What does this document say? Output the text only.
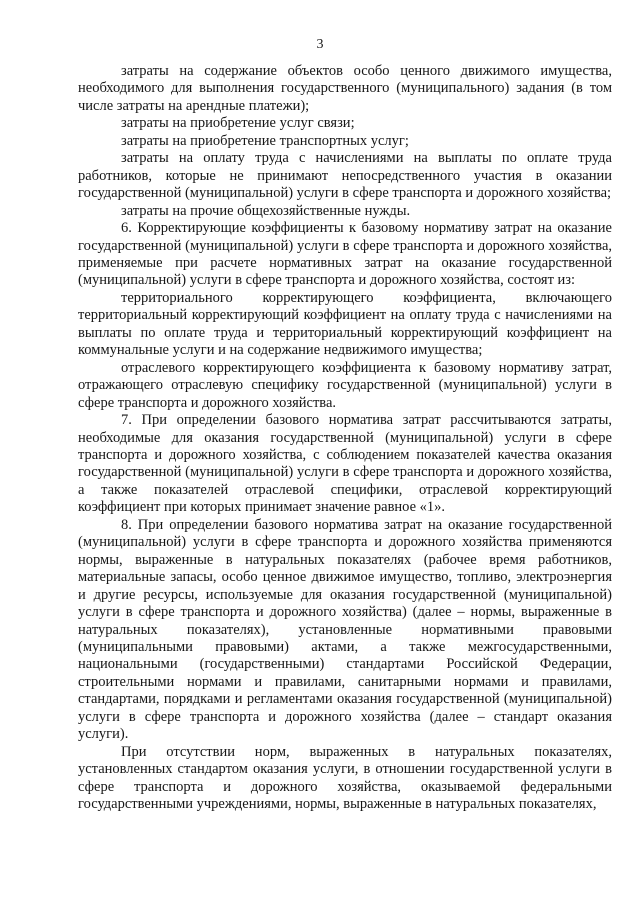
3

затраты на содержание объектов особо ценного движимого имущества, необходимого для выполнения государственного (муниципального) задания (в том числе затраты на арендные платежи);

затраты на приобретение услуг связи;

затраты на приобретение транспортных услуг;

затраты на оплату труда с начислениями на выплаты по оплате труда работников, которые не принимают непосредственного участия в оказании государственной (муниципальной) услуги в сфере транспорта и дорожного хозяйства;

затраты на прочие общехозяйственные нужды.

6. Корректирующие коэффициенты к базовому нормативу затрат на оказание государственной (муниципальной) услуги в сфере транспорта и дорожного хозяйства, применяемые при расчете нормативных затрат на оказание государственной (муниципальной) услуги в сфере транспорта и дорожного хозяйства, состоят из:

территориального корректирующего коэффициента, включающего территориальный корректирующий коэффициент на оплату труда с начислениями на выплаты по оплате труда и территориальный корректирующий коэффициент на коммунальные услуги и на содержание недвижимого имущества;

отраслевого корректирующего коэффициента к базовому нормативу затрат, отражающего отраслевую специфику государственной (муниципальной) услуги в сфере транспорта и дорожного хозяйства.

7. При определении базового норматива затрат рассчитываются затраты, необходимые для оказания государственной (муниципальной) услуги в сфере транспорта и дорожного хозяйства, с соблюдением показателей качества оказания государственной (муниципальной) услуги в сфере транспорта и дорожного хозяйства, а также показателей отраслевой специфики, отраслевой корректирующий коэффициент при которых принимает значение равное «1».

8. При определении базового норматива затрат на оказание государственной (муниципальной) услуги в сфере транспорта и дорожного хозяйства применяются нормы, выраженные в натуральных показателях (рабочее время работников, материальные запасы, особо ценное движимое имущество, топливо, электроэнергия и другие ресурсы, используемые для оказания государственной (муниципальной) услуги в сфере транспорта и дорожного хозяйства) (далее – нормы, выраженные в натуральных показателях), установленные нормативными правовыми (муниципальными правовыми) актами, а также межгосударственными, национальными (государственными) стандартами Российской Федерации, строительными нормами и правилами, санитарными нормами и правилами, стандартами, порядками и регламентами оказания государственной (муниципальной) услуги в сфере транспорта и дорожного хозяйства (далее – стандарт оказания услуги).

При отсутствии норм, выраженных в натуральных показателях, установленных стандартом оказания услуги, в отношении государственной услуги в сфере транспорта и дорожного хозяйства, оказываемой федеральными государственными учреждениями, нормы, выраженные в натуральных показателях,
